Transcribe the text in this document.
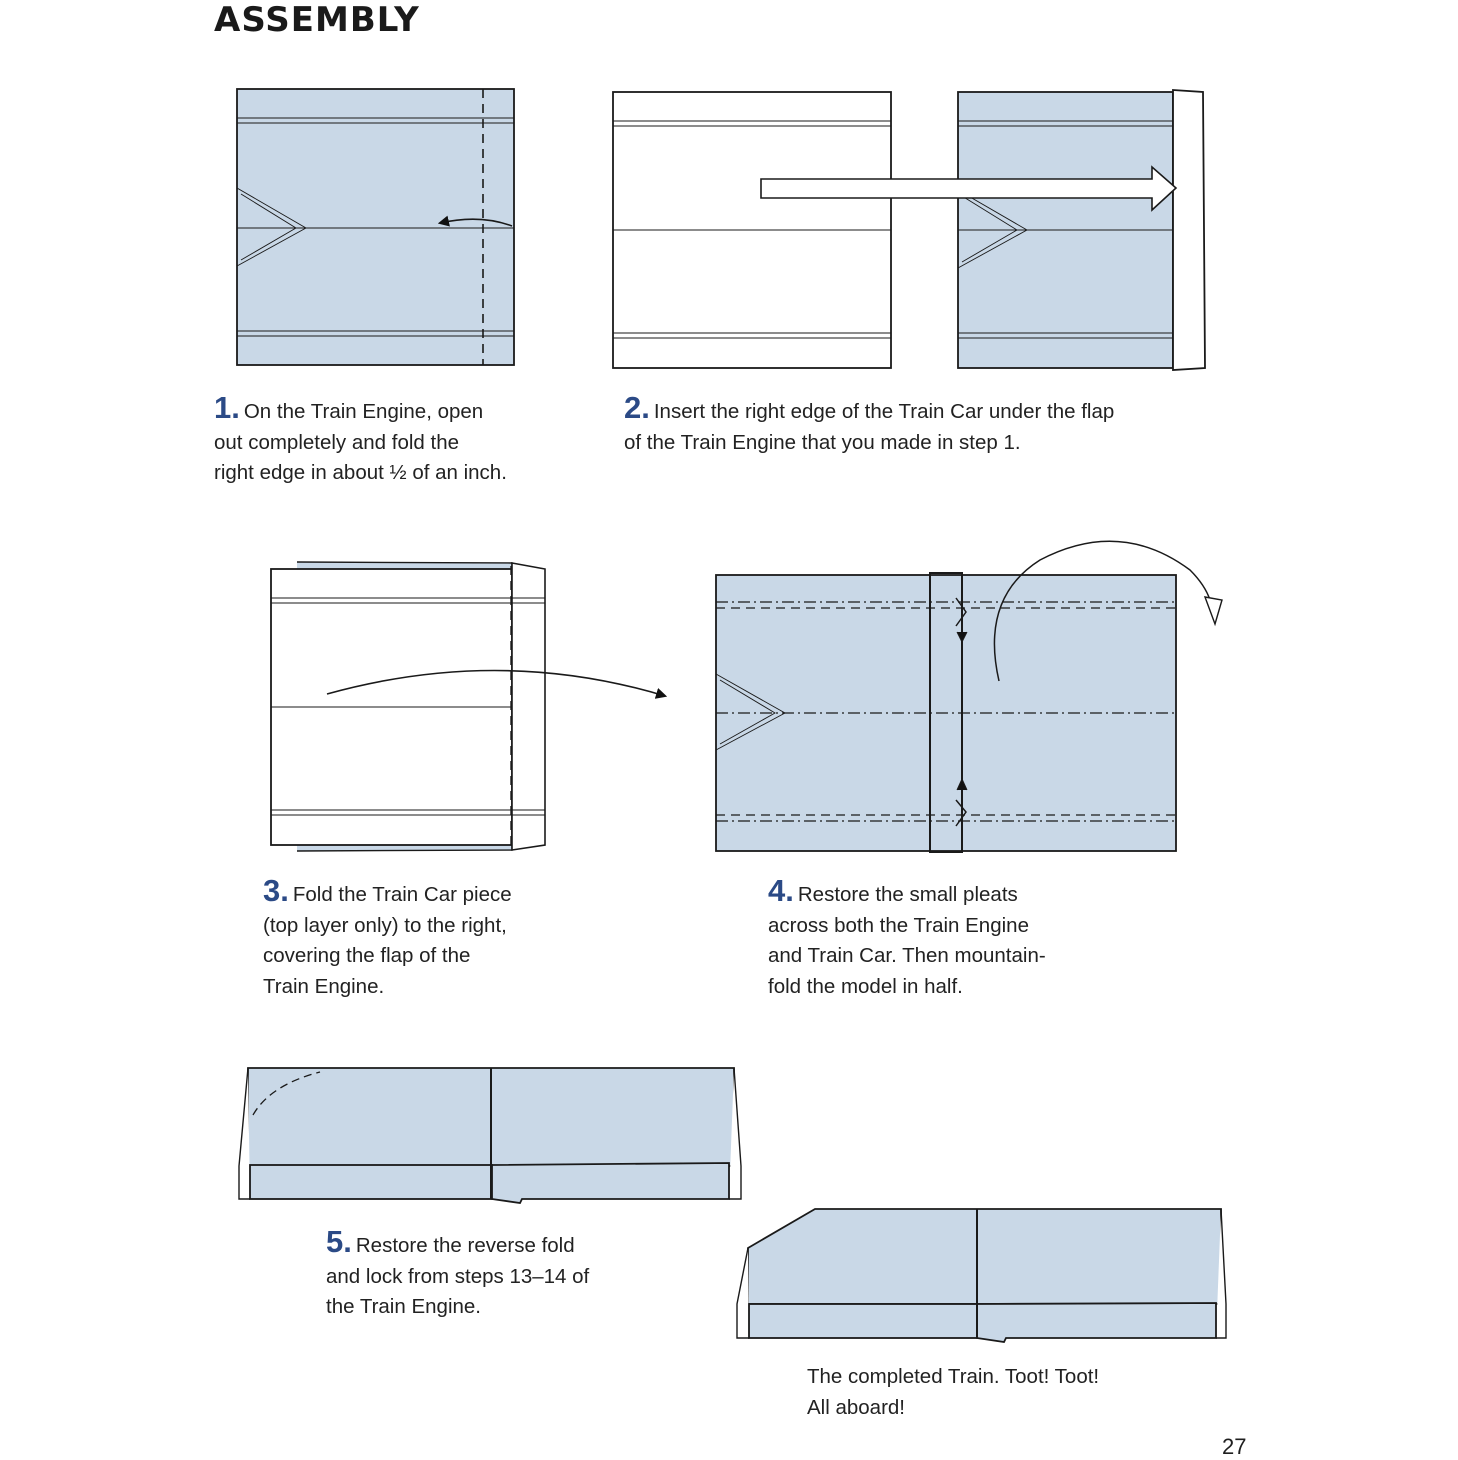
ASSEMBLY
1. On the Train Engine, open
out completely and fold the
right edge in about ½ of an inch.
2. Insert the right edge of the Train Car under the flap
of the Train Engine that you made in step 1.
3. Fold the Train Car piece
(top layer only) to the right,
covering the flap of the
Train Engine.
4. Restore the small pleats
across both the Train Engine
and Train Car. Then mountain-
fold the model in half.
5. Restore the reverse fold
and lock from steps 13–14 of
the Train Engine.
The completed Train. Toot! Toot!
All aboard!
27
